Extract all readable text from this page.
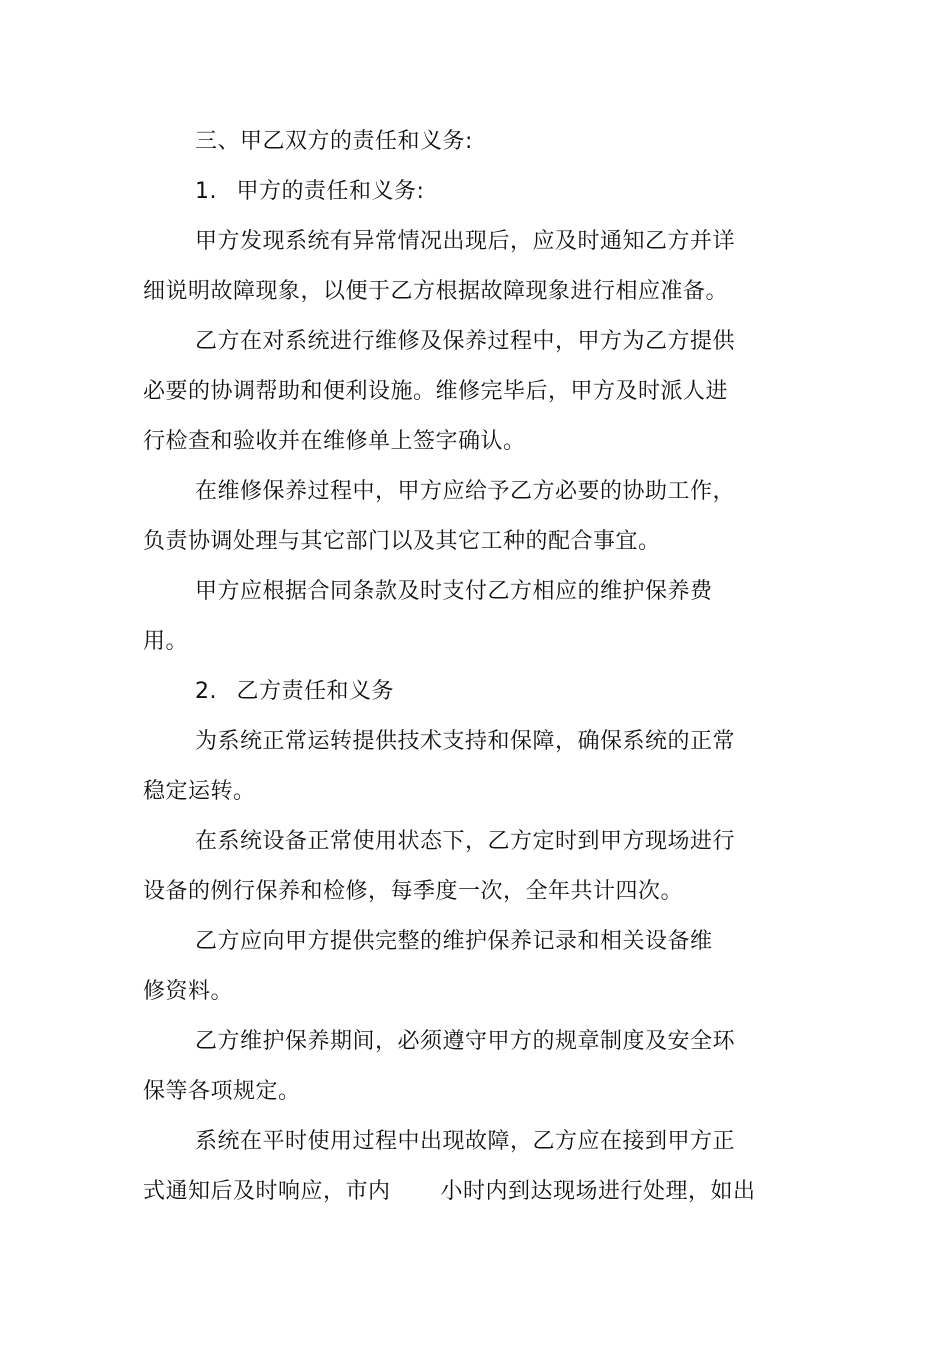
三、甲乙双方的责任和义务:
1. 甲方的责任和义务:
甲方发现系统有异常情况出现后，应及时通知乙方并详
细说明故障现象，以便于乙方根据故障现象进行相应准备。
乙方在对系统进行维修及保养过程中，甲方为乙方提供
必要的协调帮助和便利设施。维修完毕后，甲方及时派人进
行检查和验收并在维修单上签字确认。
在维修保养过程中，甲方应给予乙方必要的协助工作，
负责协调处理与其它部门以及其它工种的配合事宜。
甲方应根据合同条款及时支付乙方相应的维护保养费
用。
2. 乙方责任和义务
为系统正常运转提供技术支持和保障，确保系统的正常
稳定运转。
在系统设备正常使用状态下，乙方定时到甲方现场进行
设备的例行保养和检修，每季度一次，全年共计四次。
乙方应向甲方提供完整的维护保养记录和相关设备维
修资料。
乙方维护保养期间，必须遵守甲方的规章制度及安全环
保等各项规定。
系统在平时使用过程中出现故障，乙方应在接到甲方正
式通知后及时响应，市内 小时内到达现场进行处理，如出
